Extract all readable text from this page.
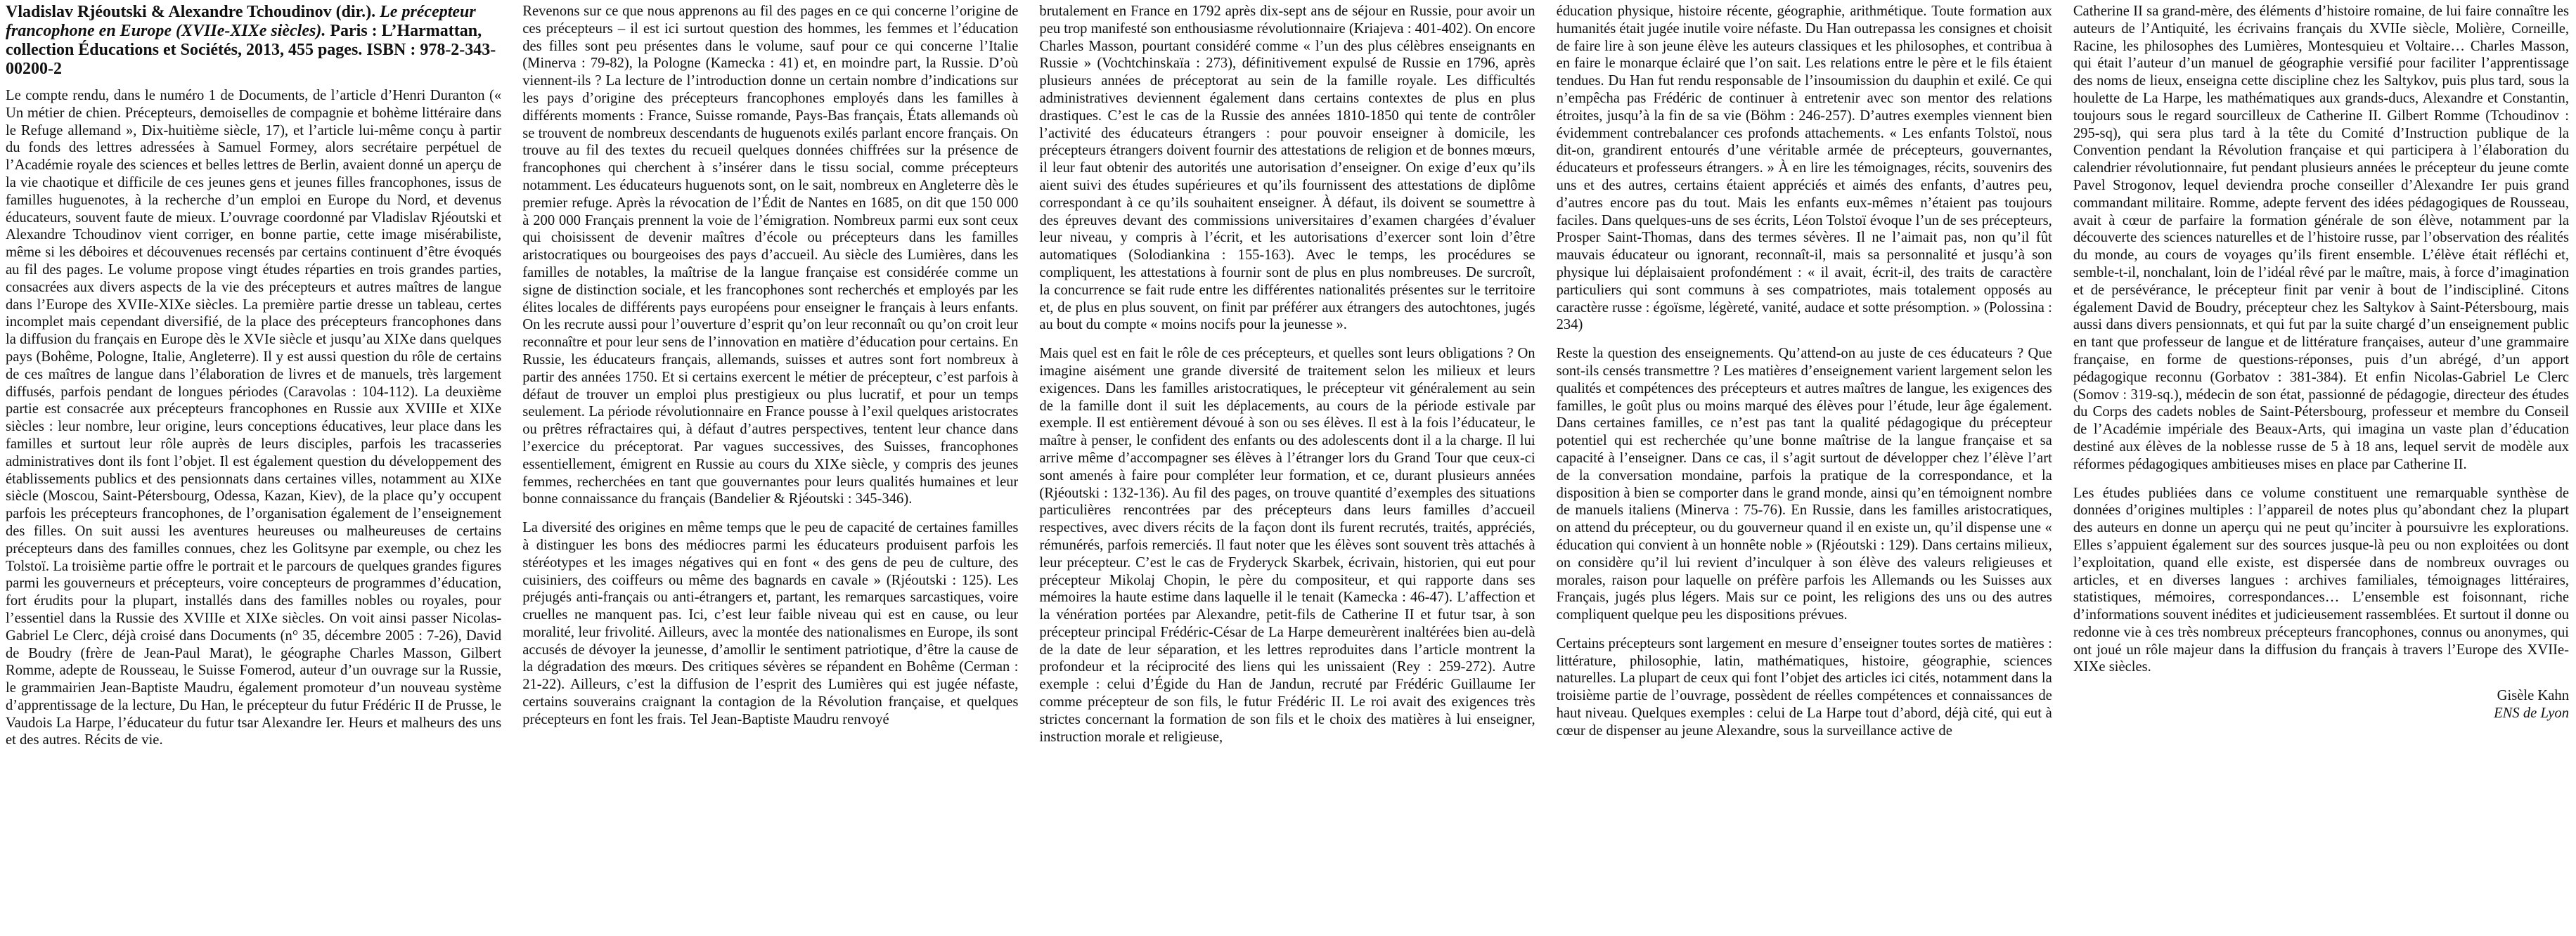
Vladislav Rjéoutski & Alexandre Tchoudinov (dir.). Le précepteur francophone en Europe (XVIIe-XIXe siècles). Paris : L’Harmattan, collection Éducations et Sociétés, 2013, 455 pages. ISBN : 978-2-343-00200-2

Le compte rendu, dans le numéro 1 de Documents, de l’article d’Henri Duranton (« Un métier de chien. Précepteurs, demoiselles de compagnie et bohème littéraire dans le Refuge allemand », Dix-huitième siècle, 17), et l’article lui-même conçu à partir du fonds des lettres adressées à Samuel Formey, alors secrétaire perpétuel de l’Académie royale des sciences et belles lettres de Berlin, avaient donné un aperçu de la vie chaotique et difficile de ces jeunes gens et jeunes filles francophones, issus de familles huguenotes, à la recherche d’un emploi en Europe du Nord, et devenus éducateurs, souvent faute de mieux. L’ouvrage coordonné par Vladislav Rjéoutski et Alexandre Tchoudinov vient corriger, en bonne partie, cette image misérabiliste, même si les déboires et découvenues recensés par certains continuent d’être évoqués au fil des pages. Le volume propose vingt études réparties en trois grandes parties, consacrées aux divers aspects de la vie des précepteurs et autres maîtres de langue dans l’Europe des XVIIe-XIXe siècles. La première partie dresse un tableau, certes incomplet mais cependant diversifié, de la place des précepteurs francophones dans la diffusion du français en Europe dès le XVIe siècle et jusqu’au XIXe dans quelques pays (Bohême, Pologne, Italie, Angleterre). Il y est aussi question du rôle de certains de ces maîtres de langue dans l’élaboration de livres et de manuels, très largement diffusés, parfois pendant de longues périodes (Caravolas : 104-112). La deuxième partie est consacrée aux précepteurs francophones en Russie aux XVIIIe et XIXe siècles : leur nombre, leur origine, leurs conceptions éducatives, leur place dans les familles et surtout leur rôle auprès de leurs disciples, parfois les tracasseries administratives dont ils font l’objet. Il est également question du développement des établissements publics et des pensionnats dans certaines villes, notamment au XIXe siècle (Moscou, Saint-Pétersbourg, Odessa, Kazan, Kiev), de la place qu’y occupent parfois les précepteurs francophones, de l’organisation également de l’enseignement des filles. On suit aussi les aventures heureuses ou malheureuses de certains précepteurs dans des familles connues, chez les Golitsyne par exemple, ou chez les Tolstoï. La troisième partie offre le portrait et le parcours de quelques grandes figures parmi les gouverneurs et précepteurs, voire concepteurs de programmes d’éducation, fort érudits pour la plupart, installés dans des familles nobles ou royales, pour l’essentiel dans la Russie des XVIIIe et XIXe siècles. On voit ainsi passer Nicolas-Gabriel Le Clerc, déjà croisé dans Documents (n° 35, décembre 2005 : 7-26), David de Boudry (frère de Jean-Paul Marat), le géographe Charles Masson, Gilbert Romme, adepte de Rousseau, le Suisse Fomerod, auteur d’un ouvrage sur la Russie, le grammairien Jean-Baptiste Maudru, également promoteur d’un nouveau système d’apprentissage de la lecture, Du Han, le précepteur du futur Frédéric II de Prusse, le Vaudois La Harpe, l’éducateur du futur tsar Alexandre Ier. Heurs et malheurs des uns et des autres. Récits de vie.

Revenons sur ce que nous apprenons au fil des pages en ce qui concerne l’origine de ces précepteurs – il est ici surtout question des hommes, les femmes et l’éducation des filles sont peu présentes dans le volume, sauf pour ce qui concerne l’Italie (Minerva : 79-82), la Pologne (Kamecka : 41) et, en moindre part, la Russie. D’où viennent-ils ? La lecture de l’introduction donne un certain nombre d’indications sur les pays d’origine des précepteurs francophones employés dans les familles à différents moments : France, Suisse romande, Pays-Bas français, États allemands où se trouvent de nombreux descendants de huguenots exilés parlant encore français. On trouve au fil des textes du recueil quelques données chiffrées sur la présence de francophones qui cherchent à s’insérer dans le tissu social, comme précepteurs notamment. Les éducateurs huguenots sont, on le sait, nombreux en Angleterre dès le premier refuge. Après la révocation de l’Édit de Nantes en 1685, on dit que 150 000 à 200 000 Français prennent la voie de l’émigration. Nombreux parmi eux sont ceux qui choisissent de devenir maîtres d’école ou précepteurs dans les familles aristocratiques ou bourgeoises des pays d’accueil. Au siècle des Lumières, dans les familles de notables, la maîtrise de la langue française est considérée comme un signe de distinction sociale, et les francophones sont recherchés et employés par les élites locales de différents pays européens pour enseigner le français à leurs enfants. On les recrute aussi pour l’ouverture d’esprit qu’on leur reconnaît ou qu’on croit leur reconnaître et pour leur sens de l’innovation en matière d’éducation pour certains. En Russie, les éducateurs français, allemands, suisses et autres sont fort nombreux à partir des années 1750. Et si certains exercent le métier de précepteur, c’est parfois à défaut de trouver un emploi plus prestigieux ou plus lucratif, et pour un temps seulement. La période révolutionnaire en France pousse à l’exil quelques aristocrates ou prêtres réfractaires qui, à défaut d’autres perspectives, tentent leur chance dans l’exercice du préceptorat. Par vagues successives, des Suisses, francophones essentiellement, émigrent en Russie au cours du XIXe siècle, y compris des jeunes femmes, recherchées en tant que gouvernantes pour leurs qualités humaines et leur bonne connaissance du français (Bandelier & Rjéoutski : 345-346).

La diversité des origines en même temps que le peu de capacité de certaines familles à distinguer les bons des médiocres parmi les éducateurs produisent parfois les stéréotypes et les images négatives qui en font « des gens de peu de culture, des cuisiniers, des coiffeurs ou même des bagnards en cavale » (Rjéoutski : 125). Les préjugés anti-français ou anti-étrangers et, partant, les remarques sarcastiques, voire cruelles ne manquent pas. Ici, c’est leur faible niveau qui est en cause, ou leur moralité, leur frivolité. Ailleurs, avec la montée des nationalismes en Europe, ils sont accusés de dévoyer la jeunesse, d’amollir le sentiment patriotique, d’être la cause de la dégradation des mœurs. Des critiques sévères se répandent en Bohême (Cerman : 21-22). Ailleurs, c’est la diffusion de l’esprit des Lumières qui est jugée néfaste, certains souverains craignant la contagion de la Révolution française, et quelques précepteurs en font les frais. Tel Jean-Baptiste Maudru renvoyé

brutalement en France en 1792 après dix-sept ans de séjour en Russie, pour avoir un peu trop manifesté son enthousiasme révolutionnaire (Kriajeva : 401-402). On encore Charles Masson, pourtant considéré comme « l’un des plus célèbres enseignants en Russie » (Vochtchinskaïa : 273), définitivement expulsé de Russie en 1796, après plusieurs années de préceptorat au sein de la famille royale. Les difficultés administratives deviennent également dans certains contextes de plus en plus drastiques. C’est le cas de la Russie des années 1810-1850 qui tente de contrôler l’activité des éducateurs étrangers : pour pouvoir enseigner à domicile, les précepteurs étrangers doivent fournir des attestations de religion et de bonnes mœurs, il leur faut obtenir des autorités une autorisation d’enseigner. On exige d’eux qu’ils aient suivi des études supérieures et qu’ils fournissent des attestations de diplôme correspondant à ce qu’ils souhaitent enseigner. À défaut, ils doivent se soumettre à des épreuves devant des commissions universitaires d’examen chargées d’évaluer leur niveau, y compris à l’écrit, et les autorisations d’exercer sont loin d’être automatiques (Solodiankina : 155-163). Avec le temps, les procédures se compliquent, les attestations à fournir sont de plus en plus nombreuses. De surcroît, la concurrence se fait rude entre les différentes nationalités présentes sur le territoire et, de plus en plus souvent, on finit par préférer aux étrangers des autochtones, jugés au bout du compte « moins nocifs pour la jeunesse ».

Mais quel est en fait le rôle de ces précepteurs, et quelles sont leurs obligations ? On imagine aisément une grande diversité de traitement selon les milieux et leurs exigences. Dans les familles aristocratiques, le précepteur vit généralement au sein de la famille dont il suit les déplacements, au cours de la période estivale par exemple. Il est entièrement dévoué à son ou ses élèves. Il est à la fois l’éducateur, le maître à penser, le confident des enfants ou des adolescents dont il a la charge. Il lui arrive même d’accompagner ses élèves à l’étranger lors du Grand Tour que ceux-ci sont amenés à faire pour compléter leur formation, et ce, durant plusieurs années (Rjéoutski : 132-136). Au fil des pages, on trouve quantité d’exemples des situations particulières rencontrées par des précepteurs dans leurs familles d’accueil respectives, avec divers récits de la façon dont ils furent recrutés, traités, appréciés, rémunérés, parfois remerciés. Il faut noter que les élèves sont souvent très attachés à leur précepteur. C’est le cas de Fryderyck Skarbek, écrivain, historien, qui eut pour précepteur Mikolaj Chopin, le père du compositeur, et qui rapporte dans ses mémoires la haute estime dans laquelle il le tenait (Kamecka : 46-47). L’affection et la vénération portées par Alexandre, petit-fils de Catherine II et futur tsar, à son précepteur principal Frédéric-César de La Harpe demeurèrent inaltérées bien au-delà de la date de leur séparation, et les lettres reproduites dans l’article montrent la profondeur et la réciprocité des liens qui les unissaient (Rey : 259-272). Autre exemple : celui d’Égide du Han de Jandun, recruté par Frédéric Guillaume Ier comme précepteur de son fils, le futur Frédéric II. Le roi avait des exigences très strictes concernant la formation de son fils et le choix des matières à lui enseigner, instruction morale et religieuse,

éducation physique, histoire récente, géographie, arithmétique. Toute formation aux humanités était jugée inutile voire néfaste. Du Han outrepassa les consignes et choisit de faire lire à son jeune élève les auteurs classiques et les philosophes, et contribua à en faire le monarque éclairé que l’on sait. Les relations entre le père et le fils étaient tendues. Du Han fut rendu responsable de l’insoumission du dauphin et exilé. Ce qui n’empêcha pas Frédéric de continuer à entretenir avec son mentor des relations étroites, jusqu’à la fin de sa vie (Böhm : 246-257). D’autres exemples viennent bien évidemment contrebalancer ces profonds attachements. « Les enfants Tolstoï, nous dit-on, grandirent entourés d’une véritable armée de précepteurs, gouvernantes, éducateurs et professeurs étrangers. » À en lire les témoignages, récits, souvenirs des uns et des autres, certains étaient appréciés et aimés des enfants, d’autres peu, d’autres encore pas du tout. Mais les enfants eux-mêmes n’étaient pas toujours faciles. Dans quelques-uns de ses écrits, Léon Tolstoï évoque l’un de ses précepteurs, Prosper Saint-Thomas, dans des termes sévères. Il ne l’aimait pas, non qu’il fût mauvais éducateur ou ignorant, reconnaît-il, mais sa personnalité et jusqu’à son physique lui déplaisaient profondément : « il avait, écrit-il, des traits de caractère particuliers qui sont communs à ses compatriotes, mais totalement opposés au caractère russe : égoïsme, légèreté, vanité, audace et sotte présomption. » (Polossina : 234)

Reste la question des enseignements. Qu’attend-on au juste de ces éducateurs ? Que sont-ils censés transmettre ? Les matières d’enseignement varient largement selon les qualités et compétences des précepteurs et autres maîtres de langue, les exigences des familles, le goût plus ou moins marqué des élèves pour l’étude, leur âge également. Dans certaines familles, ce n’est pas tant la qualité pédagogique du précepteur potentiel qui est recherchée qu’une bonne maîtrise de la langue française et sa capacité à l’enseigner. Dans ce cas, il s’agit surtout de développer chez l’élève l’art de la conversation mondaine, parfois la pratique de la correspondance, et la disposition à bien se comporter dans le grand monde, ainsi qu’en témoignent nombre de manuels italiens (Minerva : 75-76). En Russie, dans les familles aristocratiques, on attend du précepteur, ou du gouverneur quand il en existe un, qu’il dispense une « éducation qui convient à un honnête noble » (Rjéoutski : 129). Dans certains milieux, on considère qu’il lui revient d’inculquer à son élève des valeurs religieuses et morales, raison pour laquelle on préfère parfois les Allemands ou les Suisses aux Français, jugés plus légers. Mais sur ce point, les religions des uns ou des autres compliquent quelque peu les dispositions prévues.

Certains précepteurs sont largement en mesure d’enseigner toutes sortes de matières : littérature, philosophie, latin, mathématiques, histoire, géographie, sciences naturelles. La plupart de ceux qui font l’objet des articles ici cités, notamment dans la troisième partie de l’ouvrage, possèdent de réelles compétences et connaissances de haut niveau. Quelques exemples : celui de La Harpe tout d’abord, déjà cité, qui eut à cœur de dispenser au jeune Alexandre, sous la surveillance active de

Catherine II sa grand-mère, des éléments d’histoire romaine, de lui faire connaître les auteurs de l’Antiquité, les écrivains français du XVIIe siècle, Molière, Corneille, Racine, les philosophes des Lumières, Montesquieu et Voltaire… Charles Masson, qui était l’auteur d’un manuel de géographie versifié pour faciliter l’apprentissage des noms de lieux, enseigna cette discipline chez les Saltykov, puis plus tard, sous la houlette de La Harpe, les mathématiques aux grands-ducs, Alexandre et Constantin, toujours sous le regard sourcilleux de Catherine II. Gilbert Romme (Tchoudinov : 295-sq), qui sera plus tard à la tête du Comité d’Instruction publique de la Convention pendant la Révolution française et qui participera à l’élaboration du calendrier révolutionnaire, fut pendant plusieurs années le précepteur du jeune comte Pavel Strogonov, lequel deviendra proche conseiller d’Alexandre Ier puis grand commandant militaire. Romme, adepte fervent des idées pédagogiques de Rousseau, avait à cœur de parfaire la formation générale de son élève, notamment par la découverte des sciences naturelles et de l’histoire russe, par l’observation des réalités du monde, au cours de voyages qu’ils firent ensemble. L’élève était réfléchi et, semble-t-il, nonchalant, loin de l’idéal rêvé par le maître, mais, à force d’imagination et de persévérance, le précepteur finit par venir à bout de l’indiscipliné. Citons également David de Boudry, précepteur chez les Saltykov à Saint-Pétersbourg, mais aussi dans divers pensionnats, et qui fut par la suite chargé d’un enseignement public en tant que professeur de langue et de littérature françaises, auteur d’une grammaire française, en forme de questions-réponses, puis d’un abrégé, d’un apport pédagogique reconnu (Gorbatov : 381-384). Et enfin Nicolas-Gabriel Le Clerc (Somov : 319-sq.), médecin de son état, passionné de pédagogie, directeur des études du Corps des cadets nobles de Saint-Pétersbourg, professeur et membre du Conseil de l’Académie impériale des Beaux-Arts, qui imagina un vaste plan d’éducation destiné aux élèves de la noblesse russe de 5 à 18 ans, lequel servit de modèle aux réformes pédagogiques ambitieuses mises en place par Catherine II.

Les études publiées dans ce volume constituent une remarquable synthèse de données d’origines multiples : l’appareil de notes plus qu’abondant chez la plupart des auteurs en donne un aperçu qui ne peut qu’inciter à poursuivre les explorations. Elles s’appuient également sur des sources jusque-là peu ou non exploitées ou dont l’exploitation, quand elle existe, est dispersée dans de nombreux ouvrages ou articles, et en diverses langues : archives familiales, témoignages littéraires, statistiques, mémoires, correspondances… L’ensemble est foisonnant, riche d’informations souvent inédites et judicieusement rassemblées. Et surtout il donne ou redonne vie à ces très nombreux précepteurs francophones, connus ou anonymes, qui ont joué un rôle majeur dans la diffusion du français à travers l’Europe des XVIIe-XIXe siècles.

Gisèle Kahn
ENS de Lyon
